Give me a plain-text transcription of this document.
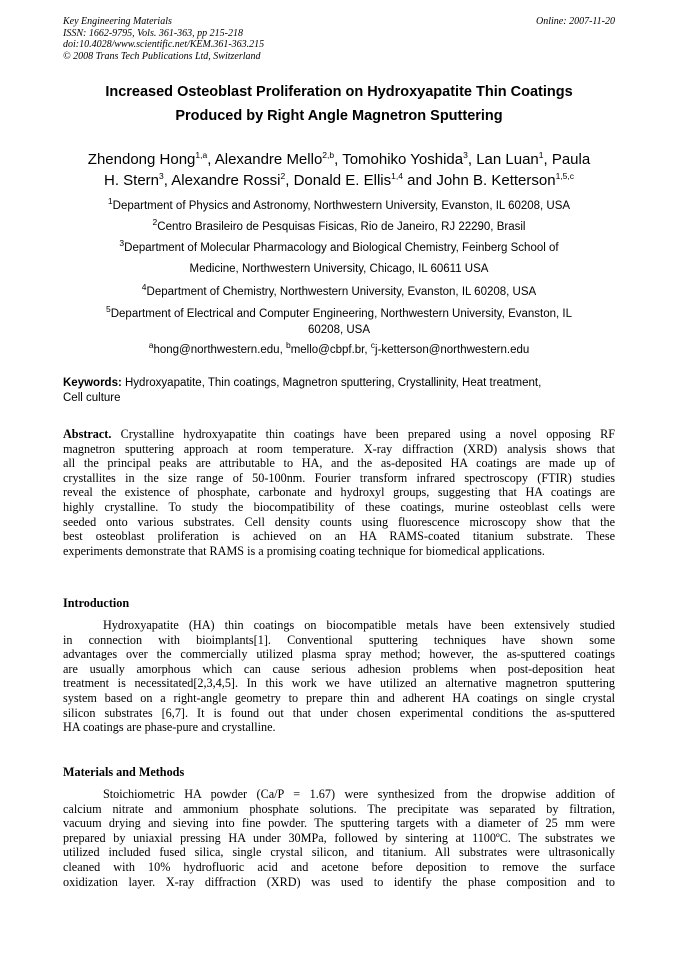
Key Engineering Materials
ISSN: 1662-9795, Vols. 361-363, pp 215-218
doi:10.4028/www.scientific.net/KEM.361-363.215
© 2008 Trans Tech Publications Ltd, Switzerland
Online: 2007-11-20
Increased Osteoblast Proliferation on Hydroxyapatite Thin Coatings
Produced by Right Angle Magnetron Sputtering
Zhendong Hong$^{1,a}$, Alexandre Mello$^{2,b}$, Tomohiko Yoshida$^3$, Lan Luan$^1$, Paula
H. Stern$^3$, Alexandre Rossi$^2$, Donald E. Ellis$^{1,4}$ and John B. Ketterson$^{1,5,c}$
$^1$Department of Physics and Astronomy, Northwestern University, Evanston, IL 60208, USA
$^2$Centro Brasileiro de Pesquisas Fisicas, Rio de Janeiro, RJ 22290, Brasil
$^3$Department of Molecular Pharmacology and Biological Chemistry, Feinberg School of
Medicine, Northwestern University, Chicago, IL 60611 USA
$^4$Department of Chemistry, Northwestern University, Evanston, IL 60208, USA
$^5$Department of Electrical and Computer Engineering, Northwestern University, Evanston, IL
60208, USA
$^a$hong@northwestern.edu, $^b$mello@cbpf.br, $^c$j-ketterson@northwestern.edu
Keywords: Hydroxyapatite, Thin coatings, Magnetron sputtering, Crystallinity, Heat treatment,
Cell culture
Abstract. Crystalline hydroxyapatite thin coatings have been prepared using a novel opposing RF
magnetron sputtering approach at room temperature. X-ray diffraction (XRD) analysis shows that
all the principal peaks are attributable to HA, and the as-deposited HA coatings are made up of
crystallites in the size range of 50-100nm. Fourier transform infrared spectroscopy (FTIR) studies
reveal the existence of phosphate, carbonate and hydroxyl groups, suggesting that HA coatings are
highly crystalline. To study the biocompatibility of these coatings, murine osteoblast cells were
seeded onto various substrates. Cell density counts using fluorescence microscopy show that the
best osteoblast proliferation is achieved on an HA RAMS-coated titanium substrate. These
experiments demonstrate that RAMS is a promising coating technique for biomedical applications.
Introduction
Hydroxyapatite (HA) thin coatings on biocompatible metals have been extensively studied
in connection with bioimplants[1]. Conventional sputtering techniques have shown some
advantages over the commercially utilized plasma spray method; however, the as-sputtered coatings
are usually amorphous which can cause serious adhesion problems when post-deposition heat
treatment is necessitated[2,3,4,5]. In this work we have utilized an alternative magnetron sputtering
system based on a right-angle geometry to prepare thin and adherent HA coatings on single crystal
silicon substrates [6,7]. It is found out that under chosen experimental conditions the as-sputtered
HA coatings are phase-pure and crystalline.
Materials and Methods
Stoichiometric HA powder (Ca/P = 1.67) were synthesized from the dropwise addition of
calcium nitrate and ammonium phosphate solutions. The precipitate was separated by filtration,
vacuum drying and sieving into fine powder. The sputtering targets with a diameter of 25 mm were
prepared by uniaxial pressing HA under 30MPa, followed by sintering at 1100ºC. The substrates we
utilized included fused silica, single crystal silicon, and titanium. All substrates were ultrasonically
cleaned with 10% hydrofluoric acid and acetone before deposition to remove the surface
oxidization layer. X-ray diffraction (XRD) was used to identify the phase composition and to
